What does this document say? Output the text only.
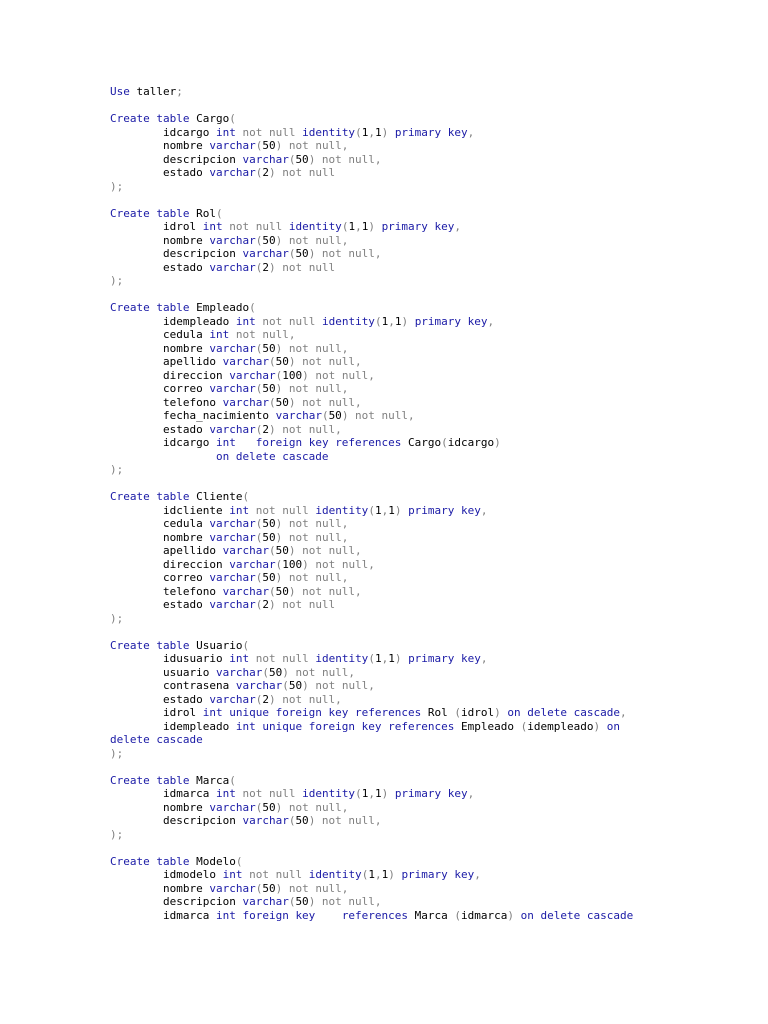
Use taller;
Create table Cargo(
idcargo int not null identity(1,1) primary key,
nombre varchar(50) not null,
descripcion varchar(50) not null,
estado varchar(2) not null
);
Create table Rol(
idrol int not null identity(1,1) primary key,
nombre varchar(50) not null,
descripcion varchar(50) not null,
estado varchar(2) not null
);
Create table Empleado(
idempleado int not null identity(1,1) primary key,
cedula int not null,
nombre varchar(50) not null,
apellido varchar(50) not null,
direccion varchar(100) not null,
correo varchar(50) not null,
telefono varchar(50) not null,
fecha_nacimiento varchar(50) not null,
estado varchar(2) not null,
idcargo int foreign key references Cargo(idcargo)
on delete cascade
);
Create table Cliente(
idcliente int not null identity(1,1) primary key,
cedula varchar(50) not null,
nombre varchar(50) not null,
apellido varchar(50) not null,
direccion varchar(100) not null,
correo varchar(50) not null,
telefono varchar(50) not null,
estado varchar(2) not null
);
Create table Usuario(
idusuario int not null identity(1,1) primary key,
usuario varchar(50) not null,
contrasena varchar(50) not null,
estado varchar(2) not null,
idrol int unique foreign key references Rol (idrol) on delete cascade,
idempleado int unique foreign key references Empleado (idempleado) on
delete cascade
);
Create table Marca(
idmarca int not null identity(1,1) primary key,
nombre varchar(50) not null,
descripcion varchar(50) not null,
);
Create table Modelo(
idmodelo int not null identity(1,1) primary key,
nombre varchar(50) not null,
descripcion varchar(50) not null,
idmarca int foreign key references Marca (idmarca) on delete cascade
